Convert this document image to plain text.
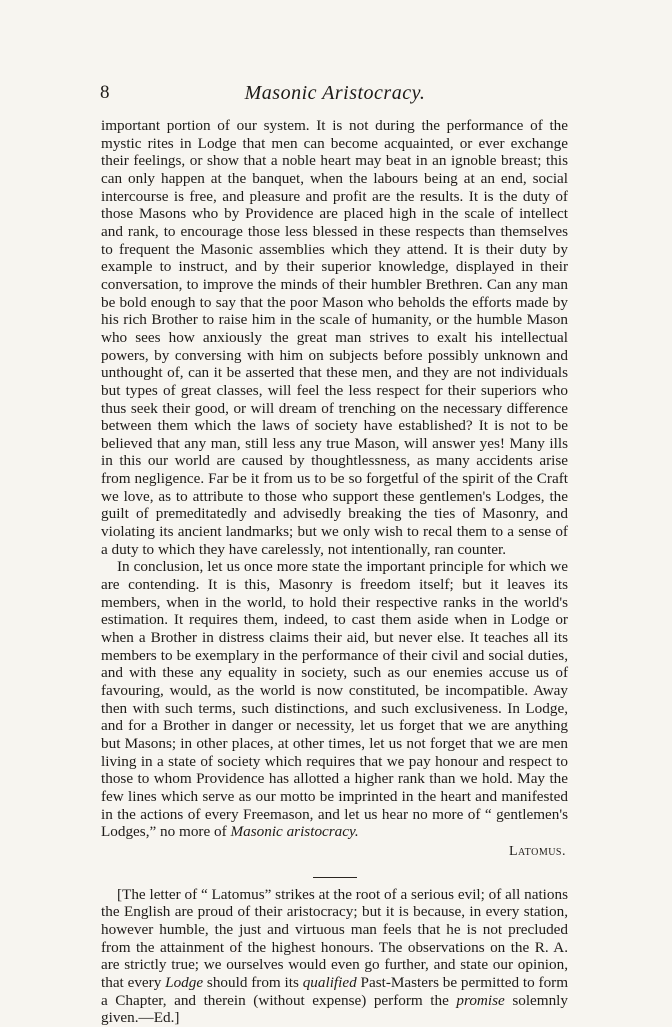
8	Masonic Aristocracy.

important portion of our system. It is not during the performance of the mystic rites in Lodge that men can become acquainted, or ever exchange their feelings, or show that a noble heart may beat in an ignoble breast; this can only happen at the banquet, when the labours being at an end, social intercourse is free, and pleasure and profit are the results. It is the duty of those Masons who by Providence are placed high in the scale of intellect and rank, to encourage those less blessed in these respects than themselves to frequent the Masonic assemblies which they attend. It is their duty by example to instruct, and by their superior knowledge, displayed in their conversation, to improve the minds of their humbler Brethren. Can any man be bold enough to say that the poor Mason who beholds the efforts made by his rich Brother to raise him in the scale of humanity, or the humble Mason who sees how anxiously the great man strives to exalt his intellectual powers, by conversing with him on subjects before possibly unknown and unthought of, can it be asserted that these men, and they are not individuals but types of great classes, will feel the less respect for their superiors who thus seek their good, or will dream of trenching on the necessary difference between them which the laws of society have established? It is not to be believed that any man, still less any true Mason, will answer yes! Many ills in this our world are caused by thoughtlessness, as many accidents arise from negligence. Far be it from us to be so forgetful of the spirit of the Craft we love, as to attribute to those who support these gentlemen's Lodges, the guilt of premeditatedly and advisedly breaking the ties of Masonry, and violating its ancient landmarks; but we only wish to recal them to a sense of a duty to which they have carelessly, not intentionally, ran counter.

In conclusion, let us once more state the important principle for which we are contending. It is this, Masonry is freedom itself; but it leaves its members, when in the world, to hold their respective ranks in the world's estimation. It requires them, indeed, to cast them aside when in Lodge or when a Brother in distress claims their aid, but never else. It teaches all its members to be exemplary in the performance of their civil and social duties, and with these any equality in society, such as our enemies accuse us of favouring, would, as the world is now constituted, be incompatible. Away then with such terms, such distinctions, and such exclusiveness. In Lodge, and for a Brother in danger or necessity, let us forget that we are anything but Masons; in other places, at other times, let us not forget that we are men living in a state of society which requires that we pay honour and respect to those to whom Providence has allotted a higher rank than we hold. May the few lines which serve as our motto be imprinted in the heart and manifested in the actions of every Freemason, and let us hear no more of “ gentlemen's Lodges,” no more of Masonic aristocracy.

Latomus.

[The letter of “ Latomus” strikes at the root of a serious evil; of all nations the English are proud of their aristocracy; but it is because, in every station, however humble, the just and virtuous man feels that he is not precluded from the attainment of the highest honours. The observations on the R. A. are strictly true; we ourselves would even go further, and state our opinion, that every Lodge should from its qualified Past-Masters be permitted to form a Chapter, and therein (without expense) perform the promise solemnly given.—Ed.]
